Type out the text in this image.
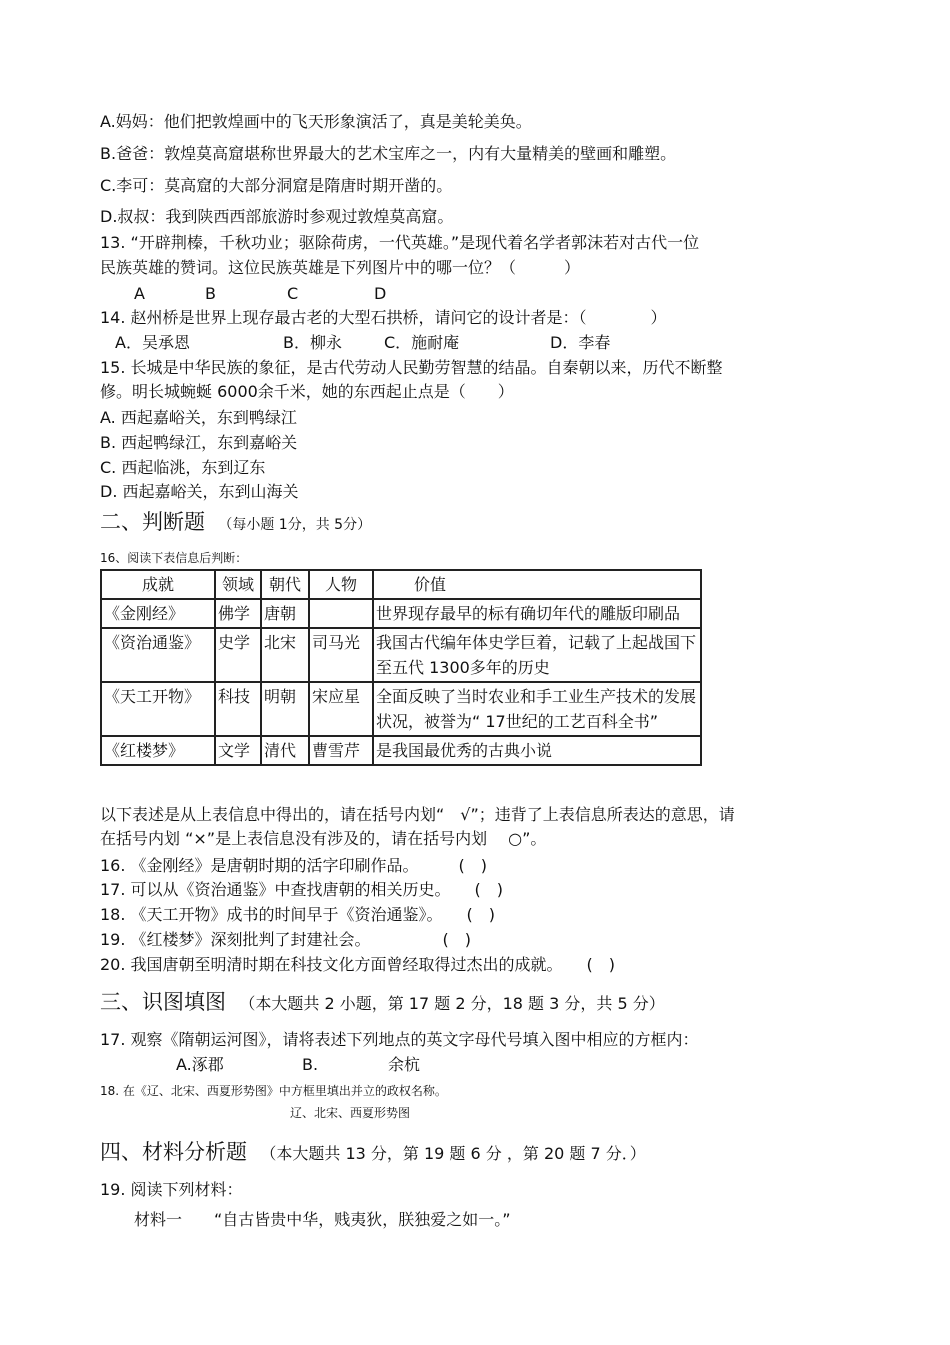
A.妈妈：他们把敦煌画中的飞天形象演活了，真是美轮美奂。
B.爸爸：敦煌莫高窟堪称世界最大的艺术宝库之一，内有大量精美的壁画和雕塑。
C.李可：莫高窟的大部分洞窟是隋唐时期开凿的。
D.叔叔：我到陕西西部旅游时参观过敦煌莫高窟。
13. “开辟荆榛，千秋功业；驱除荷虏，一代英雄。”是现代着名学者郭沫若对古代一位
民族英雄的赞词。这位民族英雄是下列图片中的哪一位？（　　　）
A	B	C	D
14. 赵州桥是世界上现存最古老的大型石拱桥，请问它的设计者是：（　　　　）
A．吴承恩	B．柳永	C．施耐庵	D．李春
15. 长城是中华民族的象征，是古代劳动人民勤劳智慧的结晶。自秦朝以来，历代不断整
修。明长城蜿蜒 6000余千米，她的东西起止点是（　　）
A. 西起嘉峪关，东到鸭绿江
B. 西起鸭绿江，东到嘉峪关
C. 西起临洮，东到辽东
D. 西起嘉峪关，东到山海关
二、判断题 （每小题 1分，共 5分）
16、阅读下表信息后判断：
成就	领域	朝代	人物	价值
《金刚经》	佛学	唐朝		世界现存最早的标有确切年代的雕版印刷品
《资治通鉴》	史学	北宋	司马光	我国古代编年体史学巨着，记载了上起战国下至五代 1300多年的历史
《天工开物》	科技	明朝	宋应星	全面反映了当时农业和手工业生产技术的发展状况，被誉为“ 17世纪的工艺百科全书”
《红楼梦》	文学	清代	曹雪芹	是我国最优秀的古典小说
以下表述是从上表信息中得出的，请在括号内划“　√”；违背了上表信息所表达的意思，请
在括号内划 “×”是上表信息没有涉及的，请在括号内划　 ○”。
16. 《金刚经》是唐朝时期的活字印刷作品。　　　(　)
17. 可以从《资治通鉴》中查找唐朝的相关历史。　　(　)
18. 《天工开物》成书的时间早于《资治通鉴》。　　(　)
19. 《红楼梦》深刻批判了封建社会。　　　　　(　)
20. 我国唐朝至明清时期在科技文化方面曾经取得过杰出的成就。　　(　)
三、识图填图 （本大题共 2 小题，第 17 题 2 分，18 题 3 分，共 5 分）
17. 观察《隋朝运河图》，请将表述下列地点的英文字母代号填入图中相应的方框内：
A.涿郡	B.	余杭
18. 在《辽、北宋、西夏形势图》中方框里填出并立的政权名称。
辽、北宋、西夏形势图
四、材料分析题 （本大题共 13 分，第 19 题 6 分 ，第 20 题 7 分．）
19. 阅读下列材料：
材料一　　“自古皆贵中华，贱夷狄，朕独爱之如一。”
